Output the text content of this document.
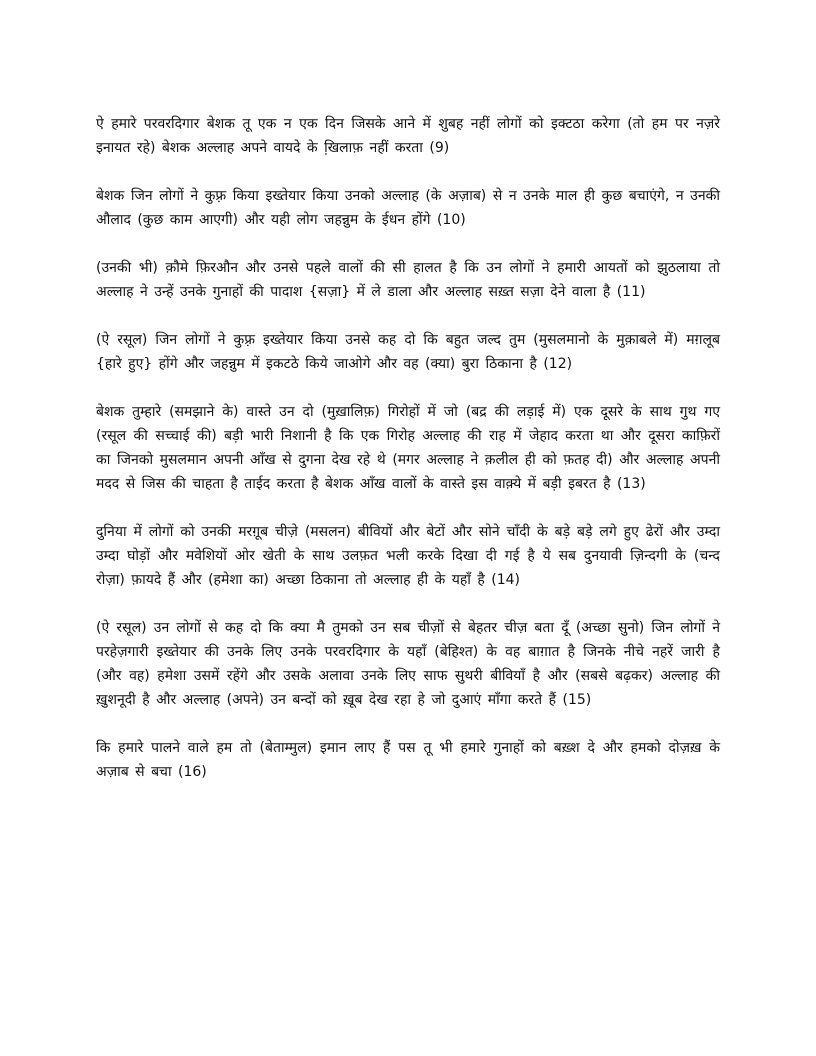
ऐ हमारे परवरदिगार बेशक तू एक न एक दिन जिसके आने में शुबह नहीं लोगों को इक्टठा करेगा (तो हम पर नज़रे इनायत रहे) बेशक अल्लाह अपने वायदे के खि़लाफ़ नहीं करता (9)

बेशक जिन लोगों ने कुफ़्र किया इख्तेयार किया उनको अल्लाह (के अज़ाब) से न उनके माल ही कुछ बचाएंगे, न उनकी औलाद (कुछ काम आएगी) और यही लोग जहन्नुम के ईधन होंगे (10)

(उनकी भी) क़ौमे फ़िरऔन और उनसे पहले वालों की सी हालत है कि उन लोगों ने हमारी आयतों को झुठलाया तो अल्लाह ने उन्हें उनके गुनाहों की पादाश {सज़ा} में ले डाला और अल्लाह सख़्त सज़ा देने वाला है (11)

(ऐ रसूल) जिन लोगों ने कुफ़्र इख्तेयार किया उनसे कह दो कि बहुत जल्द तुम (मुसलमानो के मुक़ाबले में) मग़लूब {हारे हुए} होंगे और जहन्नुम में इकटठे किये जाओगे और वह (क्या) बुरा ठिकाना है (12)

बेशक तुम्हारे (समझाने के) वास्ते उन दो (मुख़ालिफ़) गिरोहों में जो (बद्र की लड़ाई में) एक दूसरे के साथ गुथ गए (रसूल की सच्चाई की) बड़ी भारी निशानी है कि एक गिरोह अल्लाह की राह में जेहाद करता था और दूसरा काफ़िरों का जिनको मुसलमान अपनी आँख से दुगना देख रहे थे (मगर अल्लाह ने क़लील ही को फ़तह दी) और अल्लाह अपनी मदद से जिस की चाहता है ताईद करता है बेशक आँख वालों के वास्ते इस वाक़्ये में बड़ी इबरत है (13)

दुनिया में लोगों को उनकी मरग़ूब चीजे़ (मसलन) बीवियों और बेटों और सोने चाँदी के बड़े बड़े लगे हुए ढेरों और उम्दा उम्दा घोड़ों और मवेशियों ओर खेती के साथ उलफ़त भली करके दिखा दी गई है ये सब दुनयावी ज़िन्दगी के (चन्द रोज़ा) फ़ायदे हैं और (हमेशा का) अच्छा ठिकाना तो अल्लाह ही के यहाँ है (14)

(ऐ रसूल) उन लोगों से कह दो कि क्या मै तुमको उन सब चीज़ों से बेहतर चीज़ बता दूँ (अच्छा सुनो) जिन लोगों ने परहेज़गारी इख्तेयार की उनके लिए उनके परवरदिगार के यहाँ (बेहिश्त) के वह बाग़ात है जिनके नीचे नहरें जारी है (और वह) हमेशा उसमें रहेंगे और उसके अलावा उनके लिए साफ सुथरी बीवियाँ है और (सबसे बढ़कर) अल्लाह की ख़ुशनूदी है और अल्लाह (अपने) उन बन्दों को ख़ूब देख रहा हे जो दुआएं माँगा करते हैं (15)

कि हमारे पालने वाले हम तो (बेताम्मुल) इमान लाए हैं पस तू भी हमारे गुनाहों को बख़्श दे और हमको दोज़ख़ के अज़ाब से बचा (16)
